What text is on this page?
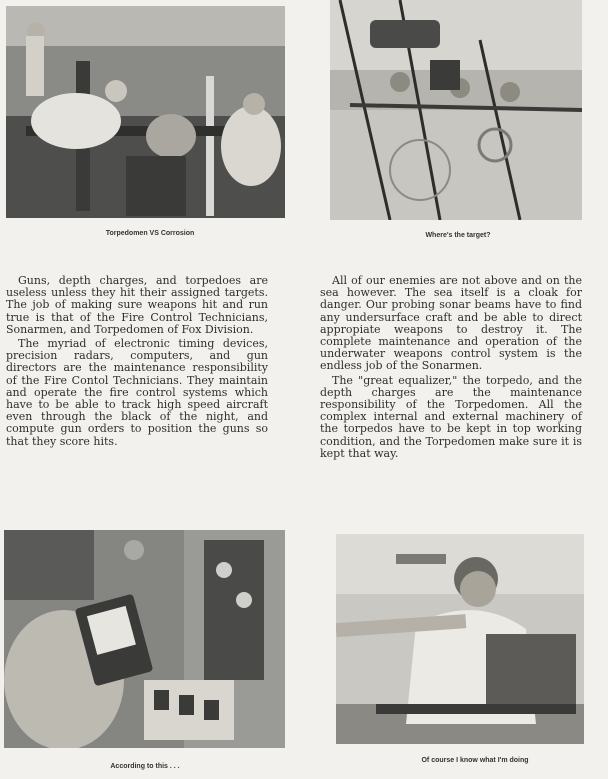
Torpedomen VS Corrosion	Where's the target?

Guns, depth charges, and torpedoes are useless unless they hit their assigned targets. The job of making sure weapons hit and run true is that of the Fire Control Technicians, Sonarmen, and Torpedomen of Fox Division.

The myriad of electronic timing devices, precision radars, computers, and gun directors are the maintenance responsibility of the Fire Contol Technicians. They maintain and operate the fire control systems which have to be able to track high speed aircraft even through the black of the night, and compute gun orders to position the guns so that they score hits.

All of our enemies are not above and on the sea however. The sea itself is a cloak for danger. Our probing sonar beams have to find any undersurface craft and be able to direct appropiate weapons to destroy it. The complete maintenance and operation of the underwater weapons control system is the endless job of the Sonarmen.

The "great equalizer," the torpedo, and the depth charges are the maintenance responsibility of the Torpedomen. All the complex internal and external machinery of the torpedos have to be kept in top working condition, and the Torpedomen make sure it is kept that way.

According to this . . .
Of course I know what I'm doing
